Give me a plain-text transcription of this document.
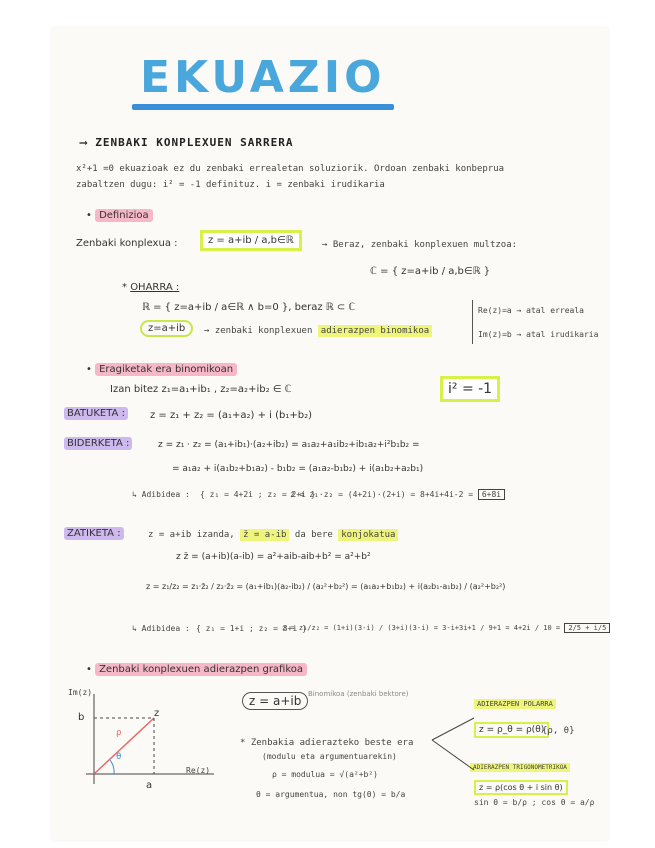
EKUAZIO
⟶ ZENBAKI KONPLEXUEN SARRERA
x²+1 =0 ekuazioak ez du zenbaki errealetan soluziorik. Ordoan zenbaki konbeprua
zabaltzen dugu: i² = -1 definituz. i = zenbaki irudikaria
• Definizioa
Zenbaki konplexua :	z = a+ib / a,b∈ℝ	→ Beraz, zenbaki konplexuen multzoa:
ℂ = { z=a+ib / a,b∈ℝ }
* OHARRA :
ℝ = { z=a+ib / a∈ℝ ∧ b=0 }, beraz ℝ ⊂ ℂ
z=a+ib	→ zenbaki konplexuen adierazpen binomikoa
Re(z)=a → atal erreala
Im(z)=b → atal irudikaria
• Eragiketak era binomikoan
Izan bitez z₁=a₁+ib₁ , z₂=a₂+ib₂ ∈ ℂ	i² = -1
BATUKETA :	z = z₁ + z₂ = (a₁+a₂) + i (b₁+b₂)
BIDERKETA :	z = z₁ · z₂ = (a₁+ib₁)·(a₂+ib₂) = a₁a₂+a₁ib₂+ib₁a₂+i²b₁b₂ =
= a₁a₂ + i(a₁b₂+b₁a₂) - b₁b₂ = (a₁a₂-b₁b₂) + i(a₁b₂+a₂b₁)
↳ Adibidea : { z₁ = 4+2i ; z₂ = 2+i }
z = z₁·z₂ = (4+2i)·(2+i) = 8+4i+4i-2 = 6+8i
ZATIKETA :	z = a+ib izanda, z̄ = a-ib da bere konjokatua
z z̄ = (a+ib)(a-ib) = a²+aib-aib+b² = a²+b²
z = z₁/z₂ = z₁·z̄₂ / z₂·z̄₂ = (a₁+ib₁)(a₂-ib₂) / (a₂²+b₂²) = (a₁a₂+b₁b₂) + i(a₂b₁-a₁b₂) / (a₂²+b₂²)
↳ Adibidea : { z₁ = 1+i ; z₂ = 3+i }
z = z₁/z₂ = (1+i)(3-i) / (3+i)(3-i) = 3-i+3i+1 / 9+1 = 4+2i / 10 = 2/5 + i/5
• Zenbaki konplexuen adierazpen grafikoa
Im(z)
b
a
z
θ
ρ
Re(z)
z = a+ib Binomikoa (zenbaki bektore)
* Zenbakia adierazteko beste era
(modulu eta argumentuarekin)
ρ = modulua = √(a²+b²)
θ = argumentua, non tg(θ) = b/a
ADIERAZPEN POLARRA
z = ρ_θ = ρ(θ)
{ρ, θ}
ADIERAZPEN TRIGONOMETRIKOA
z = ρ(cos θ + i sin θ)
sin θ = b/ρ ; cos θ = a/ρ
